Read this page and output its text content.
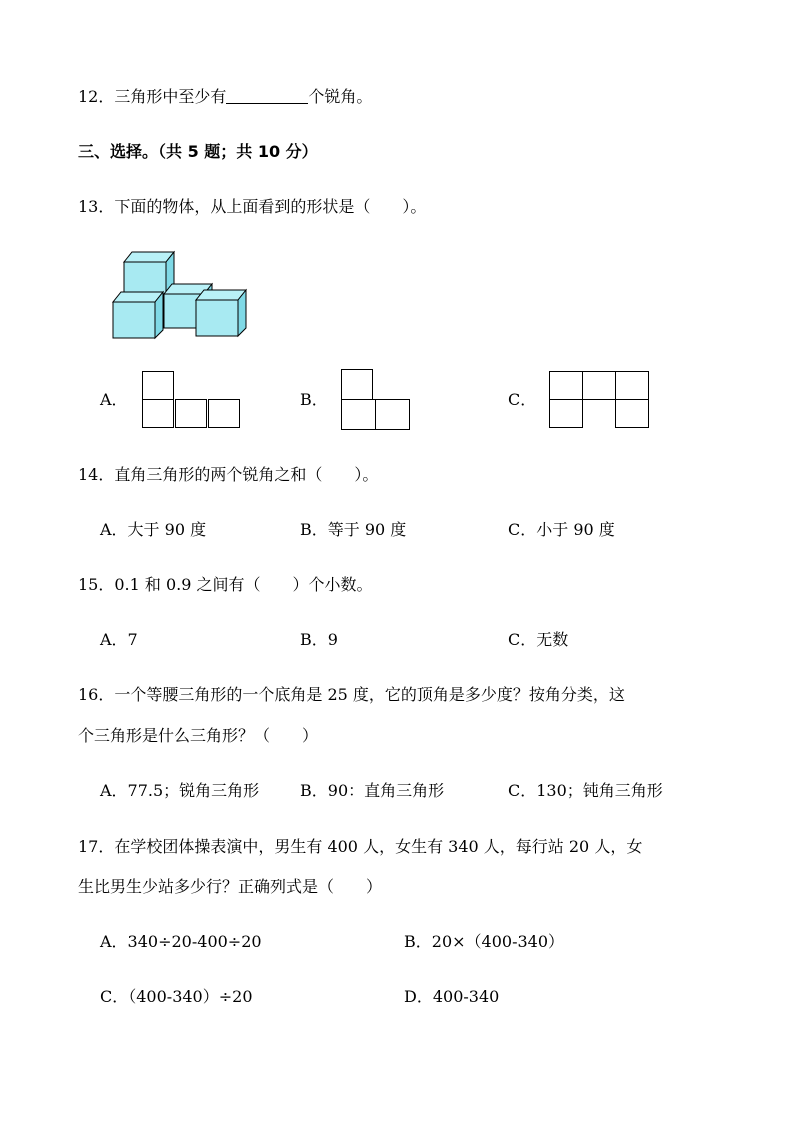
12．三角形中至少有	个锐角。
三、选择。（共 5 题；共 10 分）
13．下面的物体，从上面看到的形状是（　　）。
A．	B．	C．
14．直角三角形的两个锐角之和（　　）。
A．大于 90 度	B．等于 90 度	C．小于 90 度
15．0.1 和 0.9 之间有（　　）个小数。
A．7	B．9	C．无数
16．一个等腰三角形的一个底角是 25 度，它的顶角是多少度？按角分类，这
个三角形是什么三角形？（　　）
A．77.5；锐角三角形	B．90：直角三角形	C．130；钝角三角形
17．在学校团体操表演中，男生有 400 人，女生有 340 人，每行站 20 人，女
生比男生少站多少行？正确列式是（　　）
A．340÷20-400÷20	B．20×（400-340）
C．（400-340）÷20	D．400-340
